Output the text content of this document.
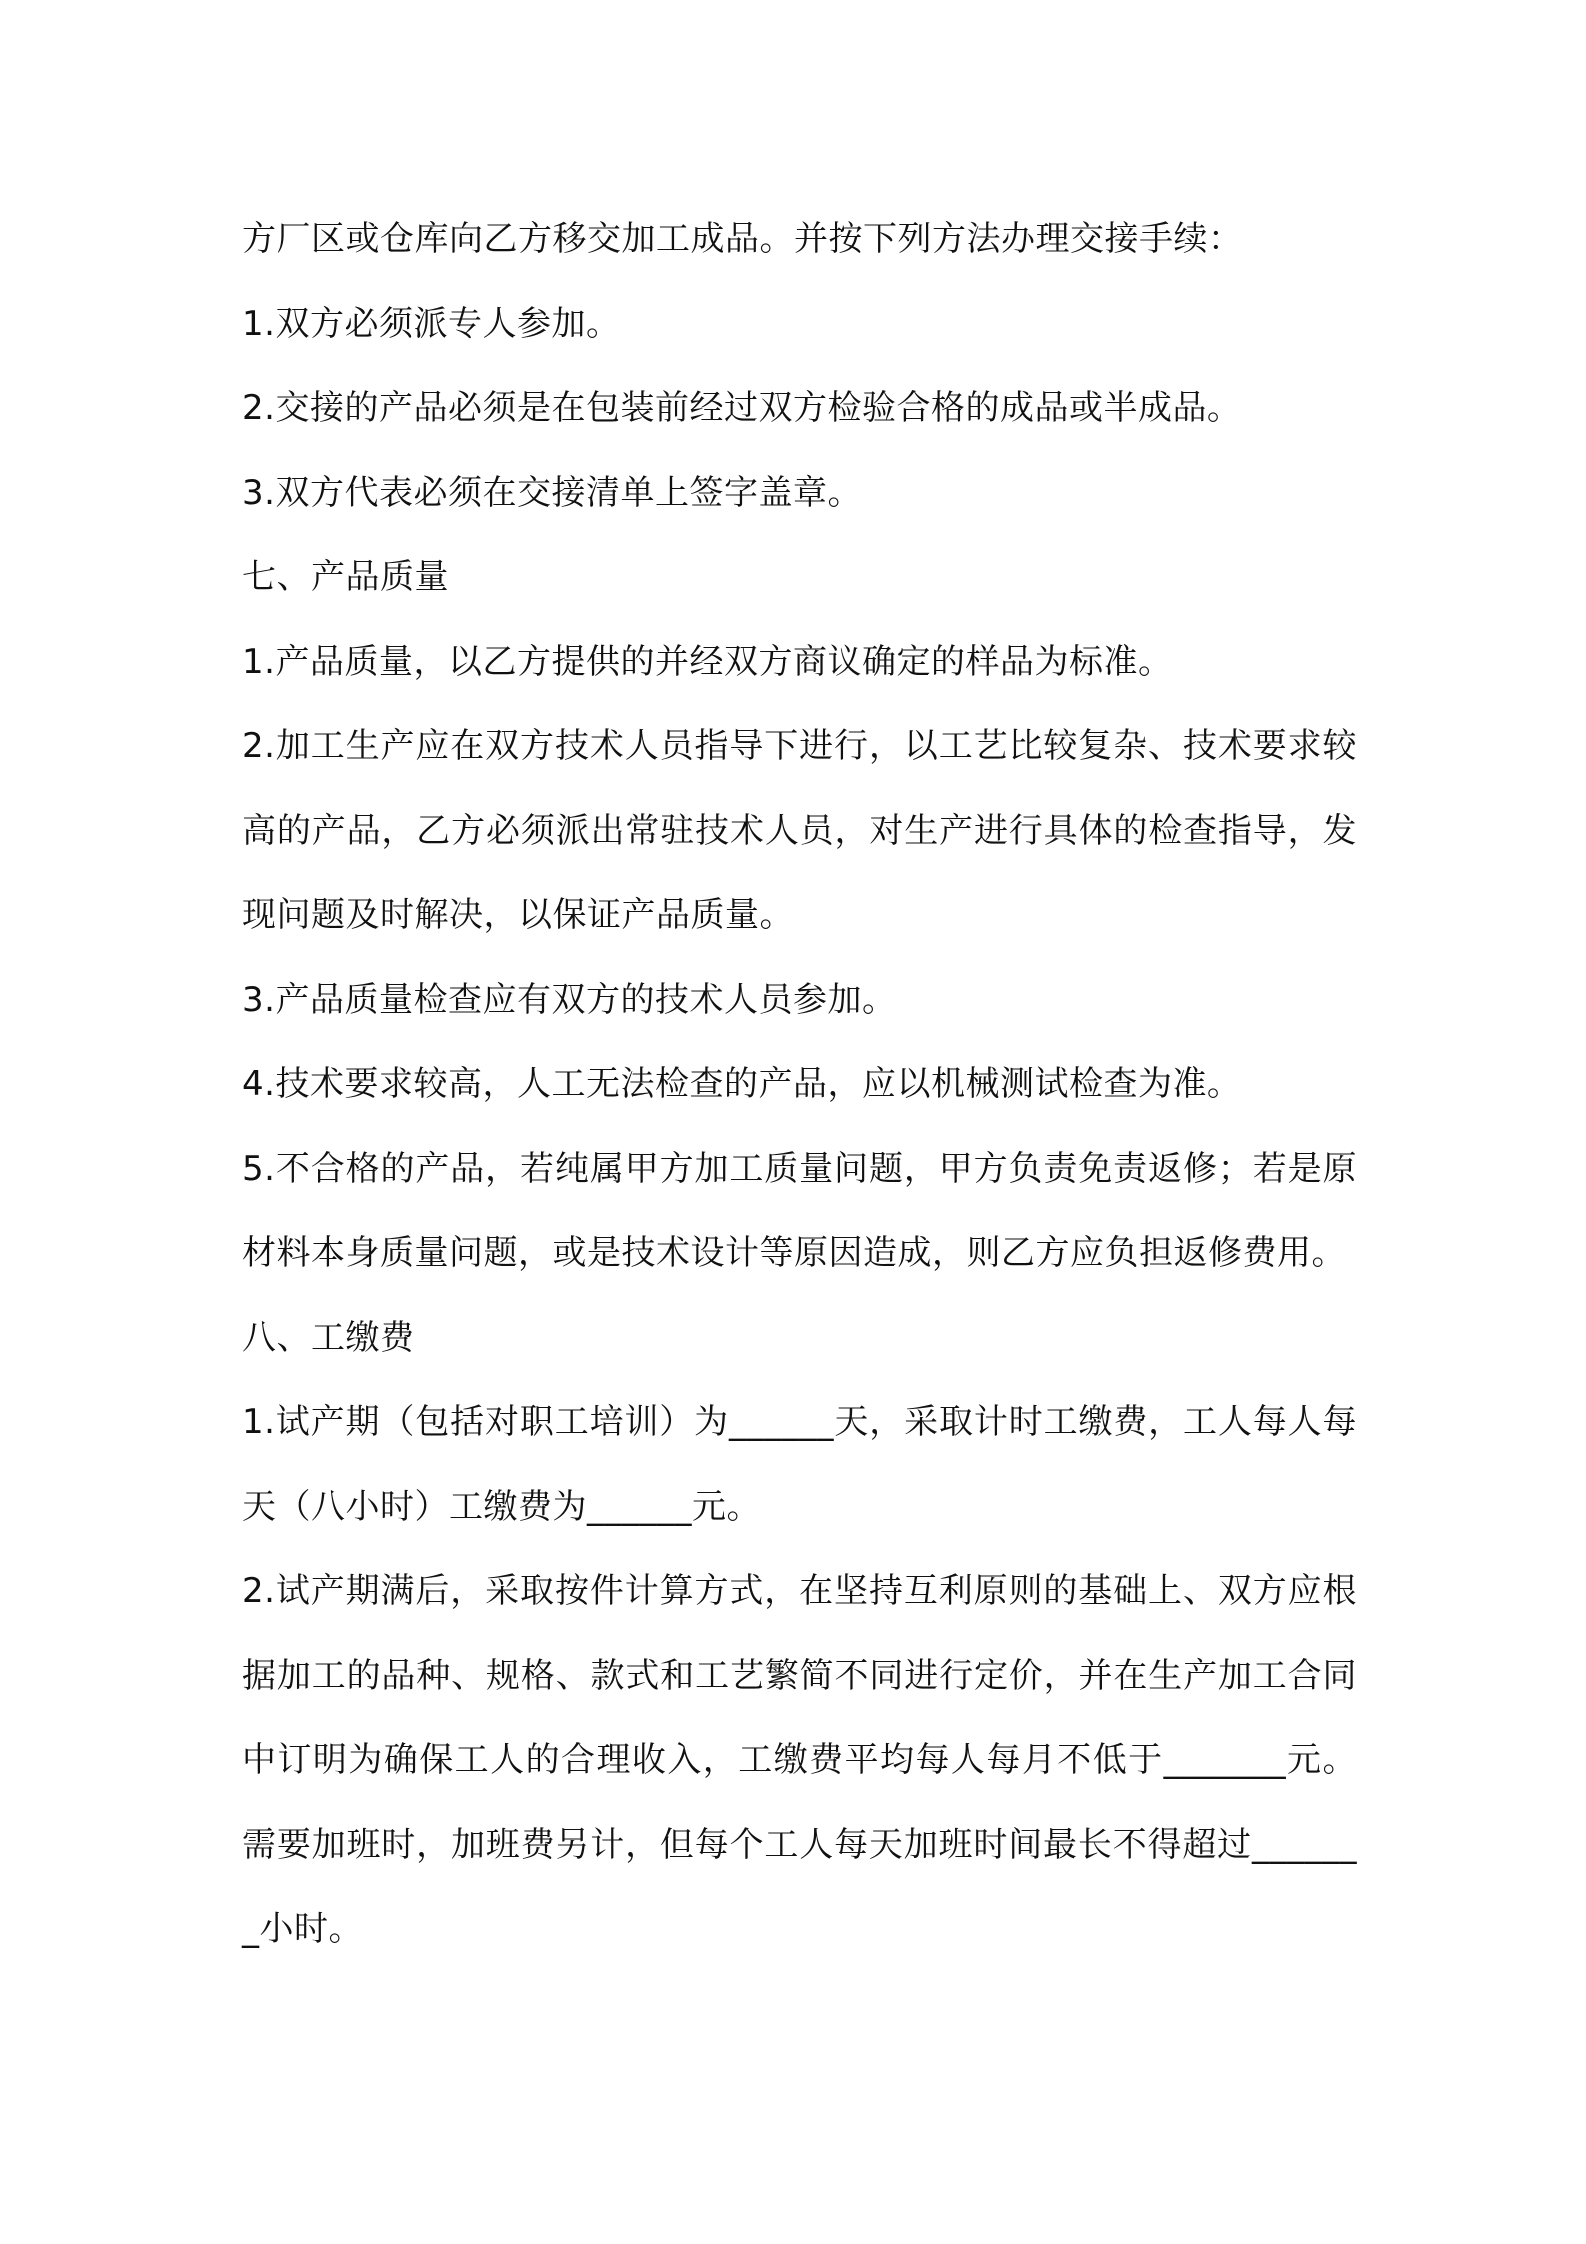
方厂区或仓库向乙方移交加工成品。并按下列方法办理交接手续：

1.双方必须派专人参加。

2.交接的产品必须是在包装前经过双方检验合格的成品或半成品。

3.双方代表必须在交接清单上签字盖章。

七、产品质量

1.产品质量，以乙方提供的并经双方商议确定的样品为标准。

2.加工生产应在双方技术人员指导下进行，以工艺比较复杂、技术要求较高的产品，乙方必须派出常驻技术人员，对生产进行具体的检查指导，发现问题及时解决，以保证产品质量。

3.产品质量检查应有双方的技术人员参加。

4.技术要求较高，人工无法检查的产品，应以机械测试检查为准。

5.不合格的产品，若纯属甲方加工质量问题，甲方负责免责返修；若是原材料本身质量问题，或是技术设计等原因造成，则乙方应负担返修费用。

八、工缴费

1.试产期（包括对职工培训）为______天，采取计时工缴费，工人每人每天（八小时）工缴费为______元。

2.试产期满后，采取按件计算方式，在坚持互利原则的基础上、双方应根据加工的品种、规格、款式和工艺繁简不同进行定价，并在生产加工合同中订明为确保工人的合理收入，工缴费平均每人每月不低于_______元。需要加班时，加班费另计，但每个工人每天加班时间最长不得超过_______小时。
